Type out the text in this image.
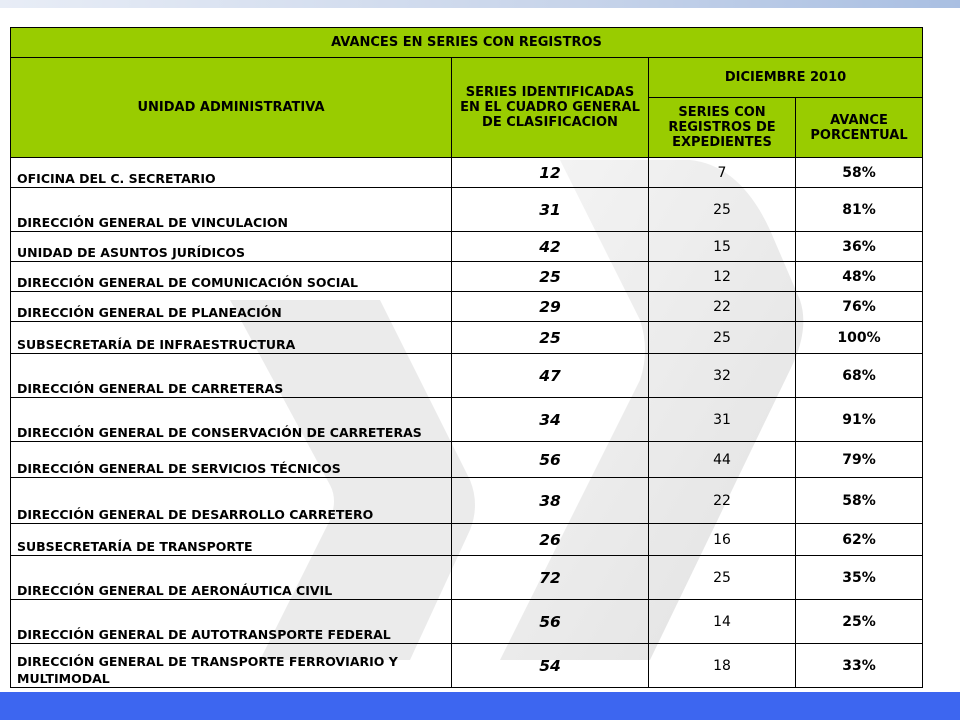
AVANCES EN SERIES CON REGISTROS			
UNIDAD ADMINISTRATIVA	SERIES IDENTIFICADAS EN EL CUADRO GENERAL DE CLASIFICACION	DICIEMBRE 2010	
		SERIES CON REGISTROS DE EXPEDIENTES	AVANCE PORCENTUAL
OFICINA DEL C. SECRETARIO	12	7	58%
DIRECCIÓN GENERAL DE VINCULACION	31	25	81%
UNIDAD DE ASUNTOS JURÍDICOS	42	15	36%
DIRECCIÓN GENERAL DE COMUNICACIÓN SOCIAL	25	12	48%
DIRECCIÓN GENERAL DE PLANEACIÓN	29	22	76%
SUBSECRETARÍA DE INFRAESTRUCTURA	25	25	100%
DIRECCIÓN GENERAL DE CARRETERAS	47	32	68%
DIRECCIÓN GENERAL DE CONSERVACIÓN DE CARRETERAS	34	31	91%
DIRECCIÓN GENERAL DE SERVICIOS TÉCNICOS	56	44	79%
DIRECCIÓN GENERAL DE DESARROLLO CARRETERO	38	22	58%
SUBSECRETARÍA DE TRANSPORTE	26	16	62%
DIRECCIÓN GENERAL DE AERONÁUTICA CIVIL	72	25	35%
DIRECCIÓN GENERAL DE AUTOTRANSPORTE FEDERAL	56	14	25%
DIRECCIÓN GENERAL DE TRANSPORTE FERROVIARIO Y MULTIMODAL	54	18	33%
